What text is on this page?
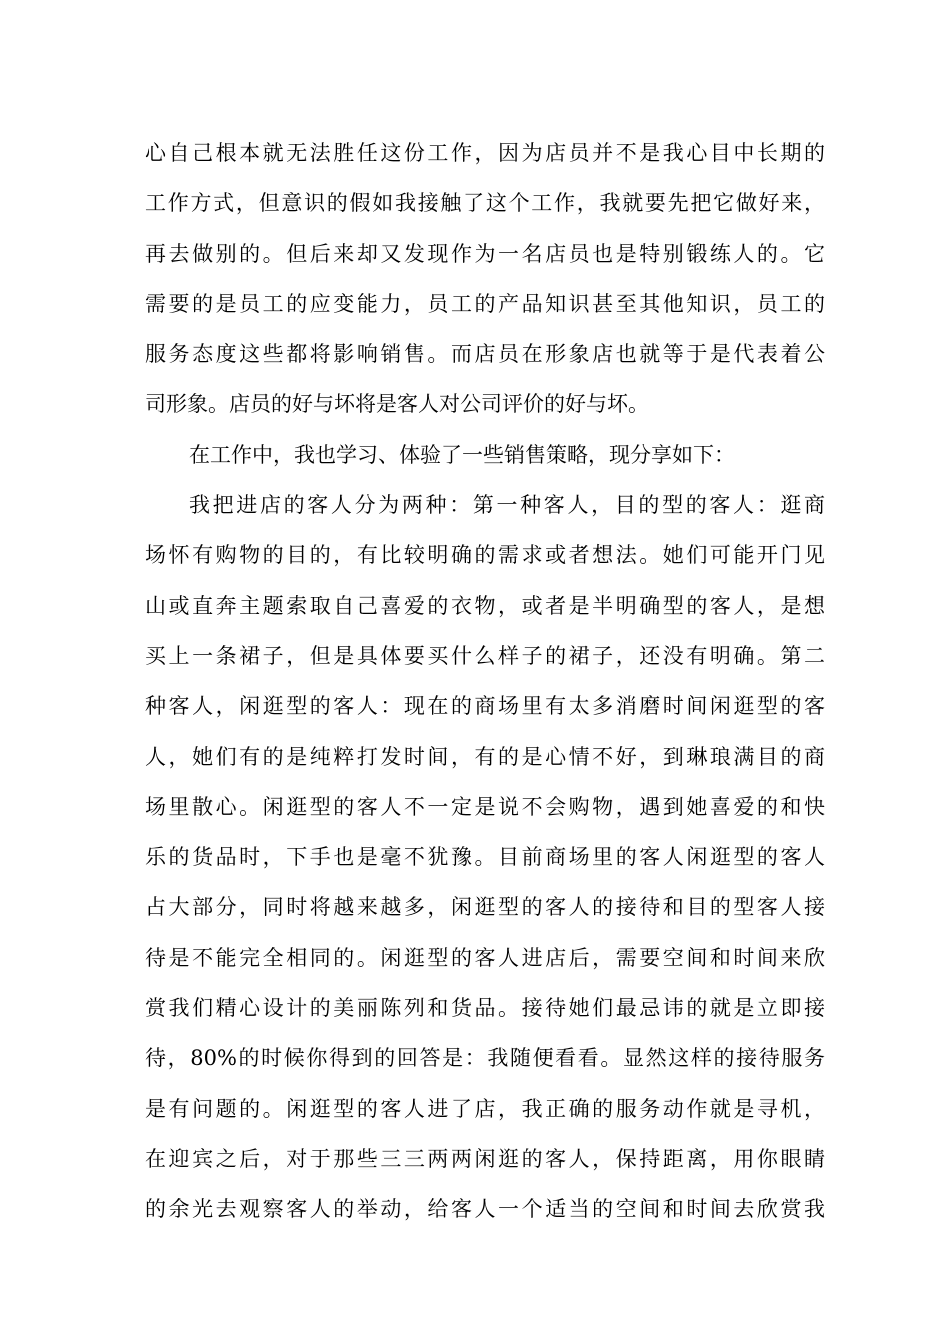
心自己根本就无法胜任这份工作，因为店员并不是我心目中长期的
工作方式，但意识的假如我接触了这个工作，我就要先把它做好来，
再去做别的。但后来却又发现作为一名店员也是特别锻练人的。它
需要的是员工的应变能力，员工的产品知识甚至其他知识，员工的
服务态度这些都将影响销售。而店员在形象店也就等于是代表着公
司形象。店员的好与坏将是客人对公司评价的好与坏。
在工作中，我也学习、体验了一些销售策略，现分享如下：
我把进店的客人分为两种：第一种客人，目的型的客人：逛商
场怀有购物的目的，有比较明确的需求或者想法。她们可能开门见
山或直奔主题索取自己喜爱的衣物，或者是半明确型的客人，是想
买上一条裙子，但是具体要买什么样子的裙子，还没有明确。第二
种客人，闲逛型的客人：现在的商场里有太多消磨时间闲逛型的客
人，她们有的是纯粹打发时间，有的是心情不好，到琳琅满目的商
场里散心。闲逛型的客人不一定是说不会购物，遇到她喜爱的和快
乐的货品时，下手也是毫不犹豫。目前商场里的客人闲逛型的客人
占大部分，同时将越来越多，闲逛型的客人的接待和目的型客人接
待是不能完全相同的。闲逛型的客人进店后，需要空间和时间来欣
赏我们精心设计的美丽陈列和货品。接待她们最忌讳的就是立即接
待，80%的时候你得到的回答是：我随便看看。显然这样的接待服务
是有问题的。闲逛型的客人进了店，我正确的服务动作就是寻机，
在迎宾之后，对于那些三三两两闲逛的客人，保持距离，用你眼睛
的余光去观察客人的举动，给客人一个适当的空间和时间去欣赏我
